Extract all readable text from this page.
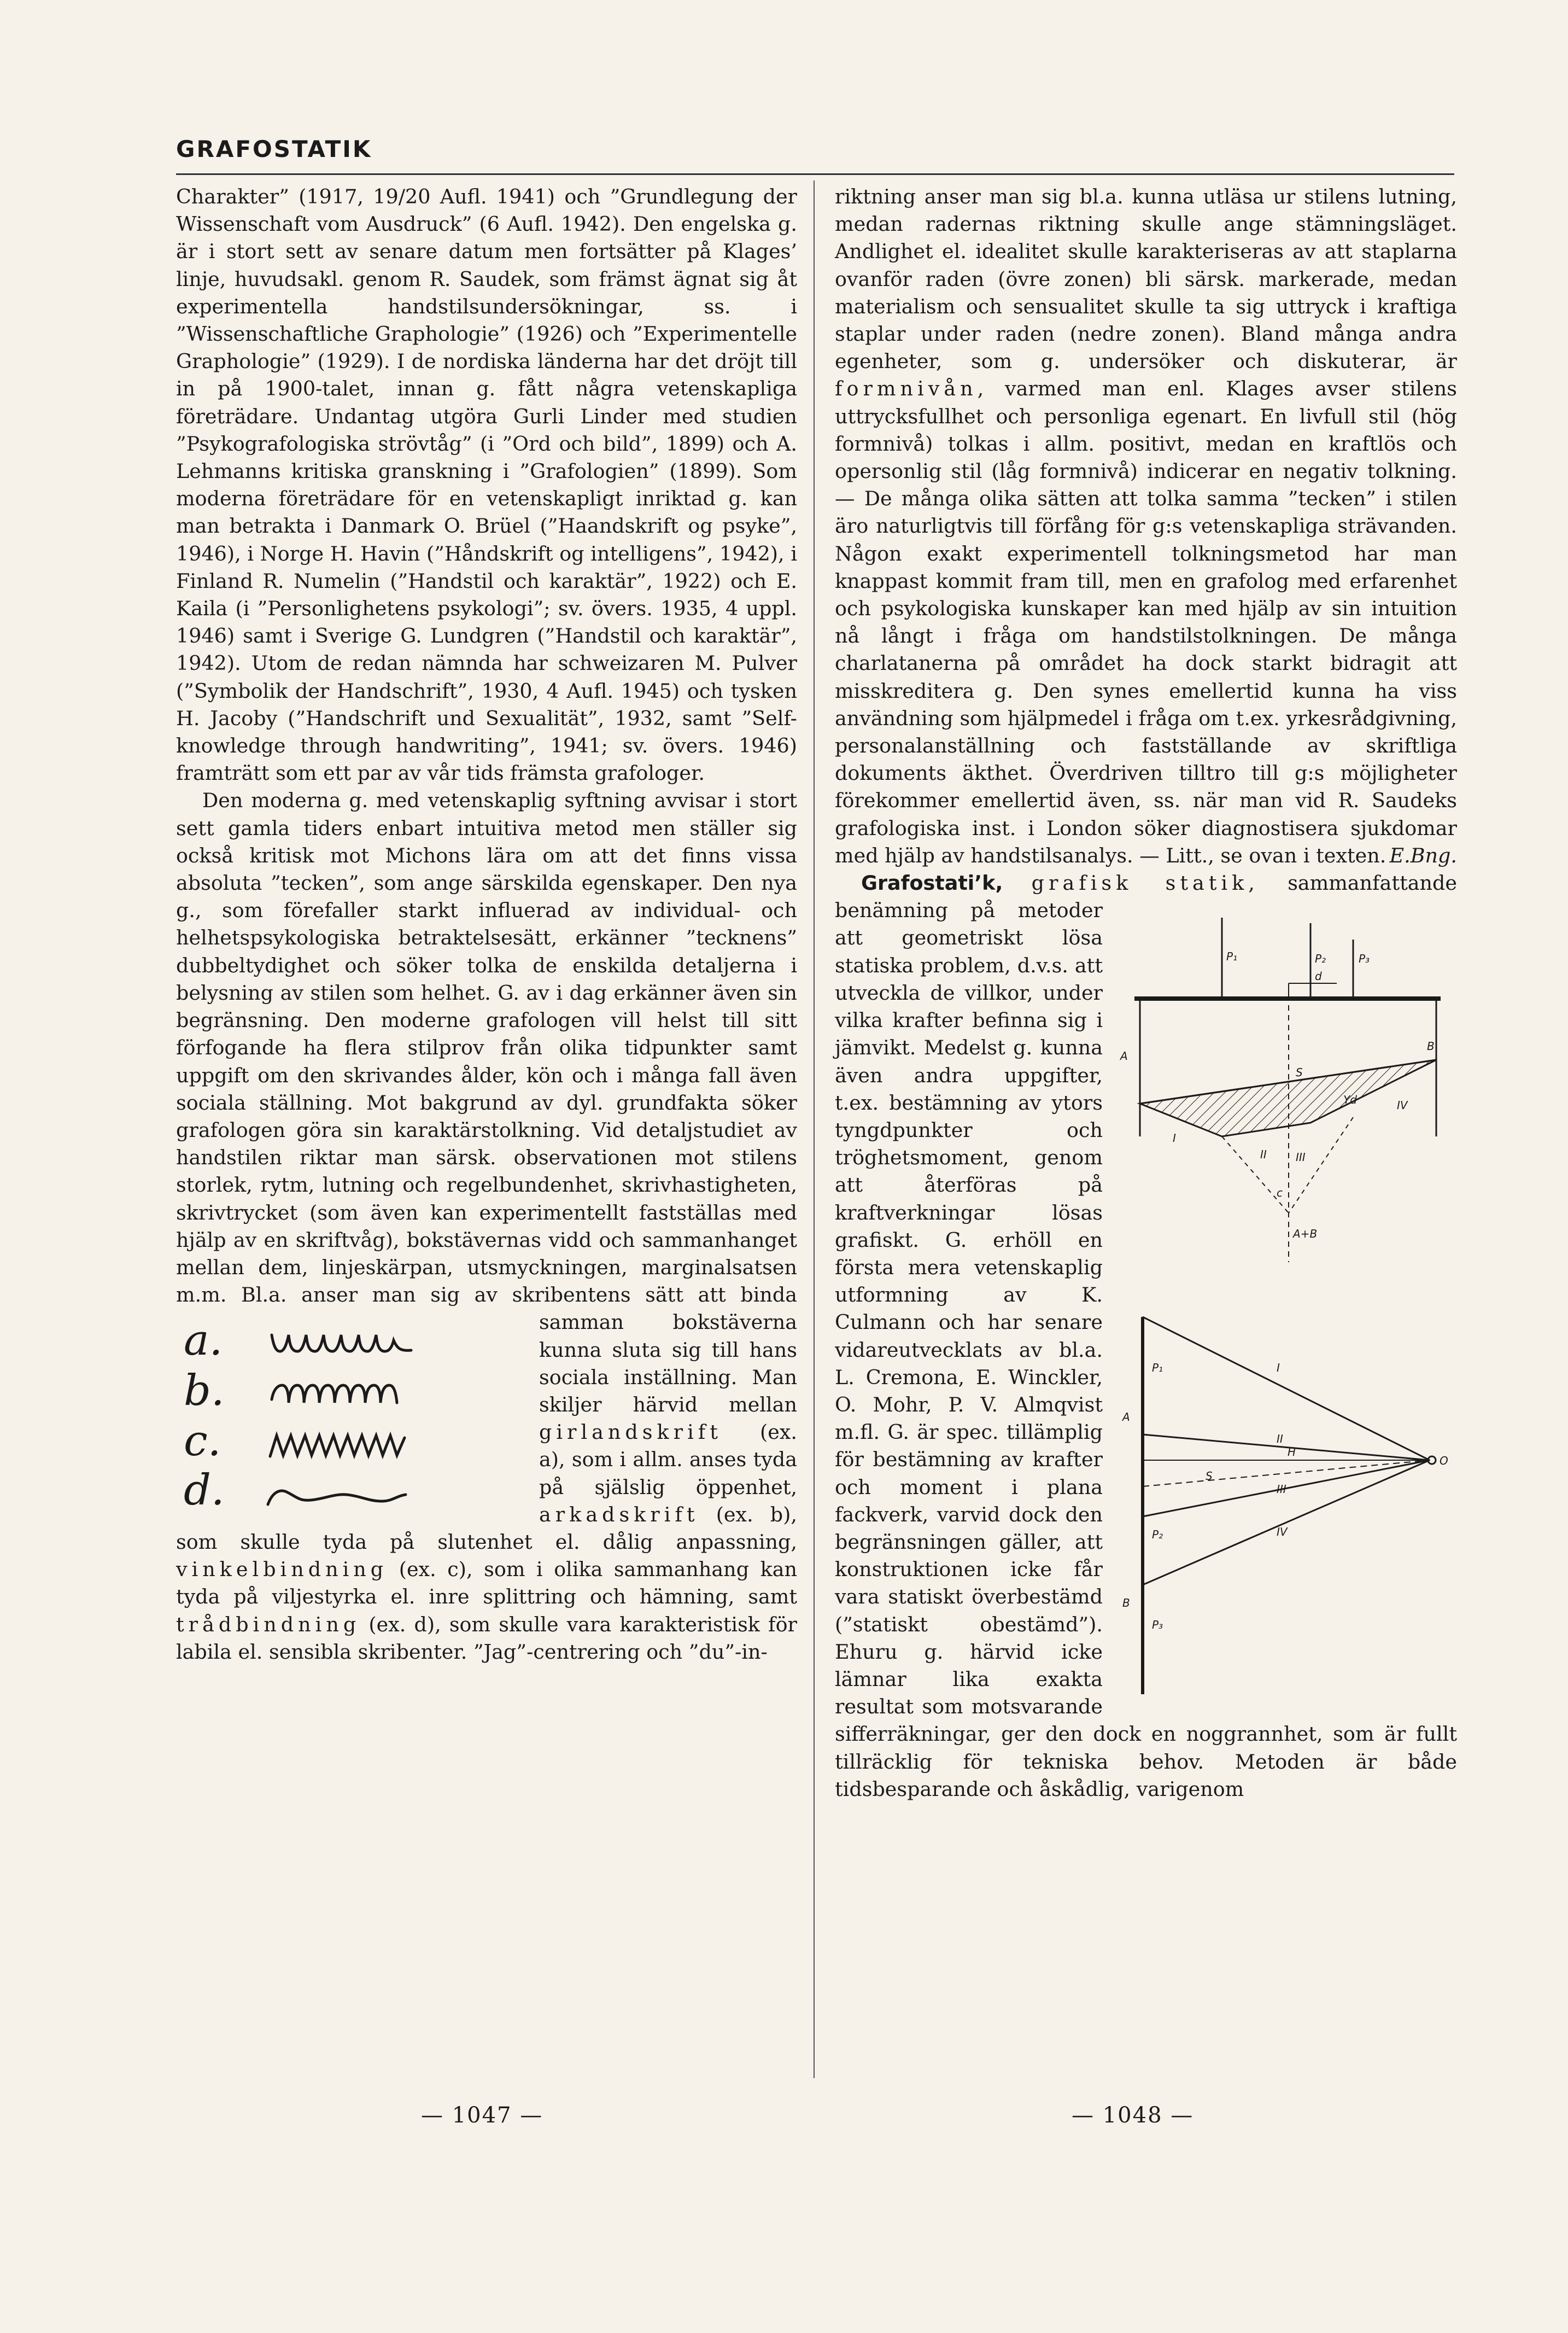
GRAFOSTATIK

Charakter” (1917, 19/20 Aufl. 1941) och ”Grundlegung der Wissenschaft vom Ausdruck” (6 Aufl. 1942). Den engelska g. är i stort sett av senare datum men fortsätter på Klages’ linje, huvudsakl. genom R. Saudek, som främst ägnat sig åt experimentella handstilsundersökningar, ss. i ”Wissenschaftliche Graphologie” (1926) och ”Experimentelle Graphologie” (1929). I de nordiska länderna har det dröjt till in på 1900-talet, innan g. fått några vetenskapliga företrädare. Undantag utgöra Gurli Linder med studien ”Psykografologiska strövtåg” (i ”Ord och bild”, 1899) och A. Lehmanns kritiska granskning i ”Grafologien” (1899). Som moderna företrädare för en vetenskapligt inriktad g. kan man betrakta i Danmark O. Brüel (”Haandskrift og psyke”, 1946), i Norge H. Havin (”Håndskrift og intelligens”, 1942), i Finland R. Numelin (”Handstil och karaktär”, 1922) och E. Kaila (i ”Personlighetens psykologi”; sv. övers. 1935, 4 uppl. 1946) samt i Sverige G. Lundgren (”Handstil och karaktär”, 1942). Utom de redan nämnda har schweizaren M. Pulver (”Symbolik der Handschrift”, 1930, 4 Aufl. 1945) och tysken H. Jacoby (”Handschrift und Sexualität”, 1932, samt ”Self-knowledge through handwriting”, 1941; sv. övers. 1946) framträtt som ett par av vår tids främsta grafologer.

Den moderna g. med vetenskaplig syftning avvisar i stort sett gamla tiders enbart intuitiva metod men ställer sig också kritisk mot Michons lära om att det finns vissa absoluta ”tecken”, som ange särskilda egenskaper. Den nya g., som förefaller starkt influerad av individual- och helhetspsykologiska betraktelsesätt, erkänner ”tecknens” dubbeltydighet och söker tolka de enskilda detaljerna i belysning av stilen som helhet. G. av i dag erkänner även sin begränsning. Den moderne grafologen vill helst till sitt förfogande ha flera stilprov från olika tidpunkter samt uppgift om den skrivandes ålder, kön och i många fall även sociala ställning. Mot bakgrund av dyl. grundfakta söker grafologen göra sin karaktärstolkning. Vid detaljstudiet av handstilen riktar man särsk. observationen mot stilens storlek, rytm, lutning och regelbundenhet, skrivhastigheten, skrivtrycket (som även kan experimentellt fastställas med hjälp av en skriftvåg), bokstävernas vidd och sammanhanget mellan dem, linjeskärpan, utsmyckningen, marginalsatsen m.m. Bl.a. anser man sig av skribentens sätt att binda samman
a.
b.
c.
d.
bokstäverna kunna sluta sig till hans sociala inställning. Man skiljer härvid mellan girlandskrift (ex. a), som i allm. anses tyda på själslig öppenhet, arkadskrift (ex. b), som skulle tyda på slutenhet el. dålig anpassning, vinkelbindning (ex. c), som i olika sammanhang kan tyda på viljestyrka el. inre splittring och hämning, samt trådbindning (ex. d), som skulle vara karakteristisk för labila el. sensibla skribenter. ”Jag”-centrering och ”du”-in-

riktning anser man sig bl.a. kunna utläsa ur stilens lutning, medan radernas riktning skulle ange stämningsläget. Andlighet el. idealitet skulle karakteriseras av att staplarna ovanför raden (övre zonen) bli särsk. markerade, medan materialism och sensualitet skulle ta sig uttryck i kraftiga staplar under raden (nedre zonen). Bland många andra egenheter, som g. undersöker och diskuterar, är formnivån, varmed man enl. Klages avser stilens uttrycksfullhet och personliga egenart. En livfull stil (hög formnivå) tolkas i allm. positivt, medan en kraftlös och opersonlig stil (låg formnivå) indicerar en negativ tolkning. — De många olika sätten att tolka samma ”tecken” i stilen äro naturligtvis till förfång för g:s vetenskapliga strävanden. Någon exakt experimentell tolkningsmetod har man knappast kommit fram till, men en grafolog med erfarenhet och psykologiska kunskaper kan med hjälp av sin intuition nå långt i fråga om handstilstolkningen. De många charlatanerna på området ha dock starkt bidragit att misskreditera g. Den synes emellertid kunna ha viss användning som hjälpmedel i fråga om t.ex. yrkesrådgivning, personalanställning och fastställande av skriftliga dokuments äkthet. Överdriven tilltro till g:s möjligheter förekommer emellertid även, ss. när man vid R. Saudeks grafologiska inst. i London söker diagnostisera sjukdomar med hjälp av handstilsanalys. — Litt., se ovan i texten. E.Bng.

Grafostati’k, grafisk statik,
P₁	P₂	P₃
d
A
B
S
Yd
I
II	III
IV
c
A+B
P₁
P₂
P₃
A
B
I
II
H
S
III
IV
O
sammanfattande benämning på metoder att geometriskt lösa statiska problem, d.v.s. att utveckla de villkor, under vilka krafter befinna sig i jämvikt. Medelst g. kunna även andra uppgifter, t.ex. bestämning av ytors tyngdpunkter och tröghetsmoment, genom att återföras på kraftverkningar lösas grafiskt. G. erhöll en första mera vetenskaplig utformning av K. Culmann och har senare vidareutvecklats av bl.a. L. Cremona, E. Winckler, O. Mohr, P. V. Almqvist m.fl. G. är spec. tillämplig för bestämning av krafter och moment i plana fackverk, varvid dock den begränsningen gäller, att konstruktionen icke får vara statiskt överbestämd (”statiskt obestämd”). Ehuru g. härvid icke lämnar lika exakta resultat som motsvarande sifferräkningar, ger den dock en noggrannhet, som är fullt tillräcklig för tekniska behov. Metoden är både tidsbesparande och åskådlig, varigenom

— 1047 —	— 1048 —
